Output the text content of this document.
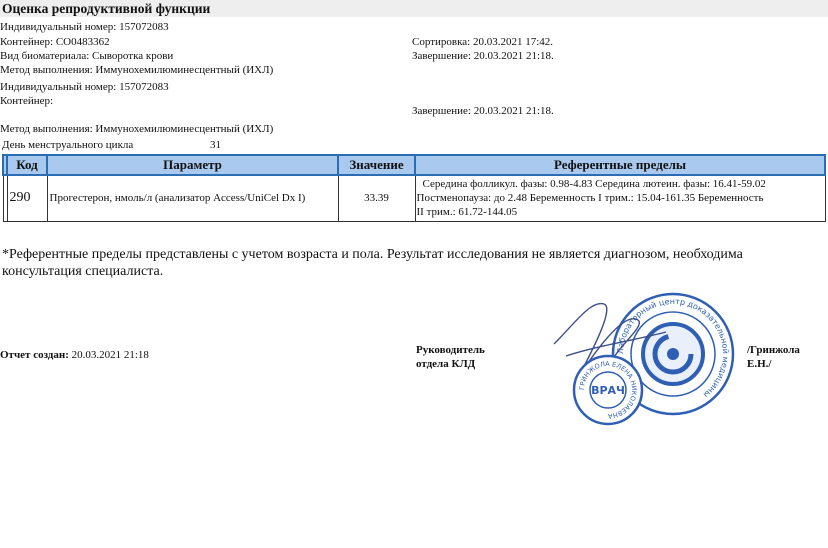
Оценка репродуктивной функции
Индивидуальный номер: 157072083
Контейнер: СО0483362
Вид биоматериала: Сыворотка крови
Метод выполнения: Иммунохемилюминесцентный (ИХЛ)
Сортировка: 20.03.2021 17:42.
Завершение: 20.03.2021 21:18.
Индивидуальный номер: 157072083
Контейнер:
Завершение: 20.03.2021 21:18.
Метод выполнения: Иммунохемилюминесцентный (ИХЛ)
День менструального цикла	31
	Код	Параметр	Значение	Референтные пределы
	290	Прогестерон, нмоль/л (анализатор Access/UniCel Dx I)	33.39	Середина фолликул. фазы: 0.98-4.83 Середина лютеин. фазы: 16.41-59.02
Постменопауза: до 2.48 Беременность I трим.: 15.04-161.35 Беременность
II трим.: 61.72-144.05
*Референтные пределы представлены с учетом возраста и пола. Результат исследования не является диагнозом, необходима консультация специалиста.
Отчет создан: 20.03.2021 21:18	Руководитель
отдела КЛД
/Гринжола
Е.Н./
Лабораторный центр доказательной медицины
ГРИНЖОЛА ЕЛЕНА НИКОЛАЕВНА
ВРАЧ
